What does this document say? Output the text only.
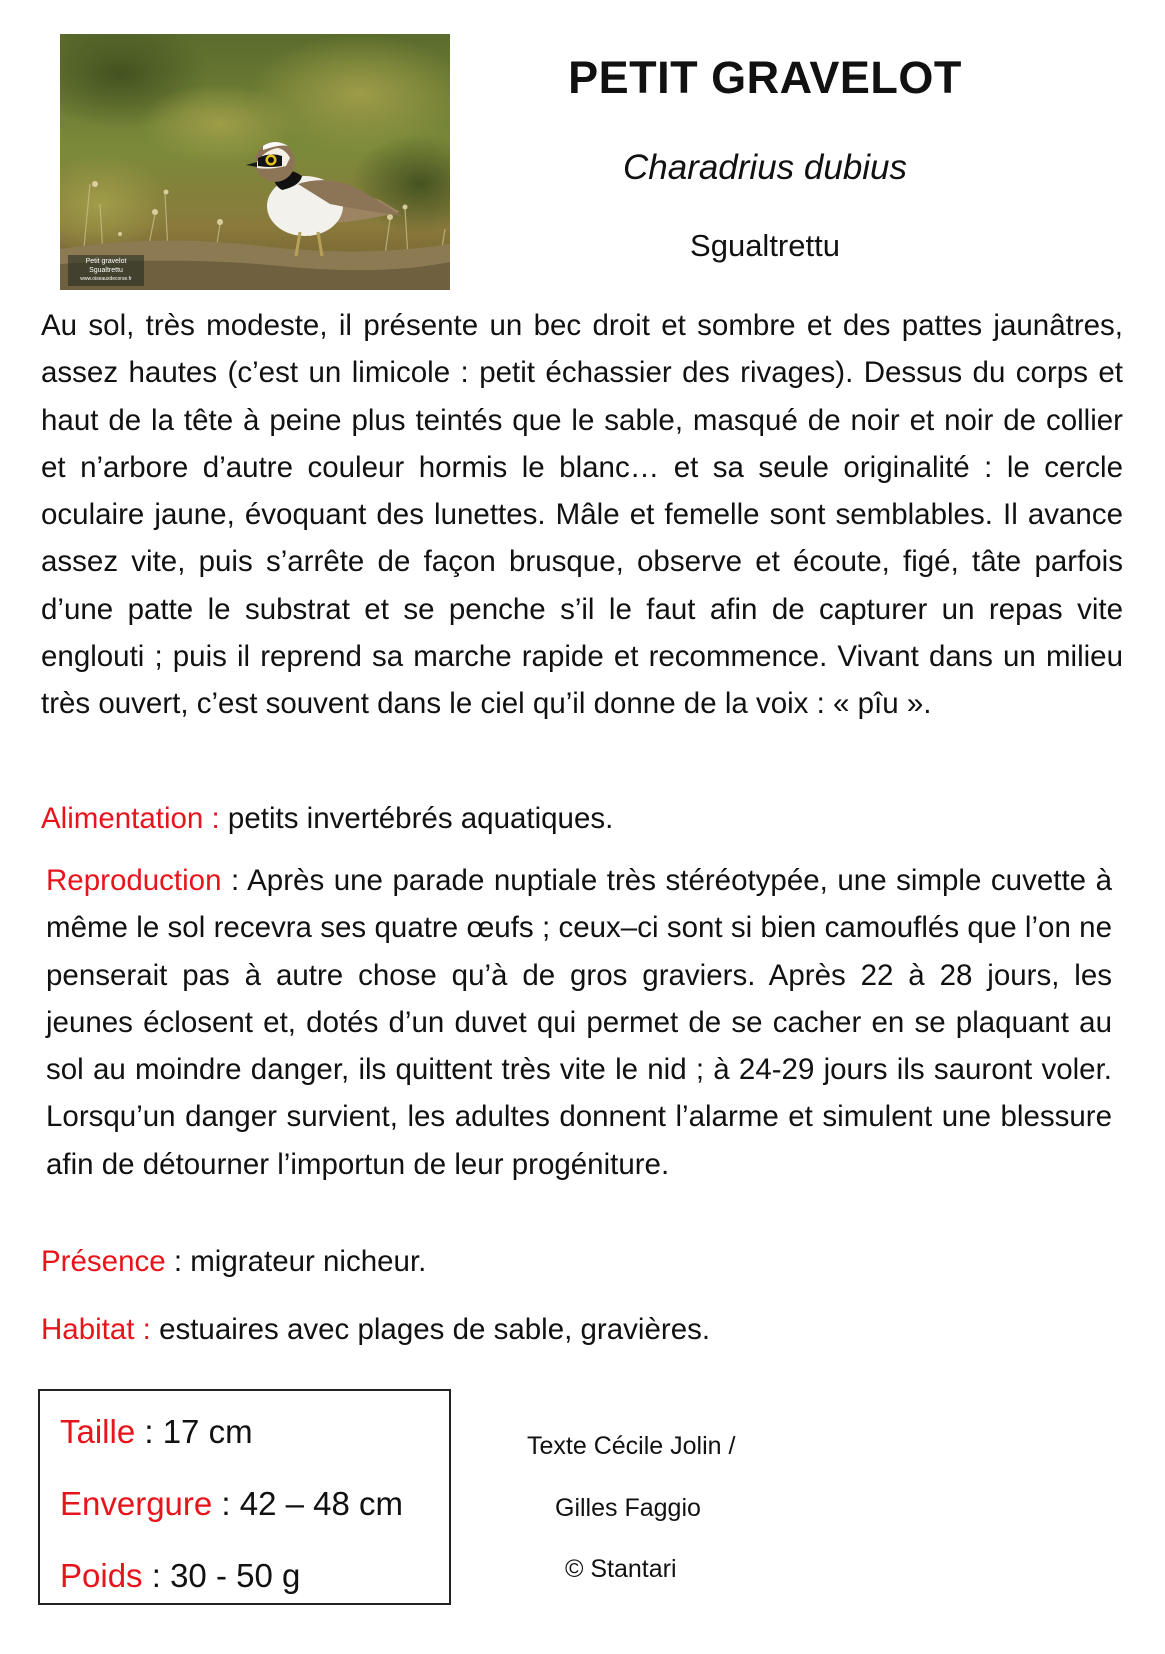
Petit gravelot
Sgualtrettu
www.oiseauxdecorse.fr
PETIT GRAVELOT
Charadrius dubius
Sgualtrettu

Au sol, très modeste, il présente un bec droit et sombre et des pattes jaunâtres, assez hautes (c’est un limicole : petit échassier des rivages). Dessus du corps et haut de la tête à peine plus teintés que le sable, masqué de noir et noir de collier et n’arbore d’autre couleur hormis le blanc… et sa seule originalité : le cercle oculaire jaune, évoquant des lunettes. Mâle et femelle sont semblables. Il avance assez vite, puis s’arrête de façon brusque, observe et écoute, figé, tâte parfois d’une patte le substrat et se penche s’il le faut afin de capturer un repas vite englouti ; puis il reprend sa marche rapide et recommence. Vivant dans un milieu très ouvert, c’est souvent dans le ciel qu’il donne de la voix : « pîu ».

Alimentation : petits invertébrés aquatiques.

Reproduction : Après une parade nuptiale très stéréotypée, une simple cuvette à même le sol recevra ses quatre œufs ; ceux–ci sont si bien camouflés que l’on ne penserait pas à autre chose qu’à de gros graviers. Après 22 à 28 jours, les jeunes éclosent et, dotés d’un duvet qui permet de se cacher en se plaquant au sol au moindre danger, ils quittent très vite le nid ; à 24-29 jours ils sauront voler. Lorsqu’un danger survient, les adultes donnent l’alarme et simulent une blessure afin de détourner l’importun de leur progéniture.

Présence : migrateur nicheur.

Habitat : estuaires avec plages de sable, gravières.

Taille : 17 cm
Envergure : 42 – 48 cm
Poids : 30 - 50 g
Texte Cécile Jolin /
Gilles Faggio
© Stantari
